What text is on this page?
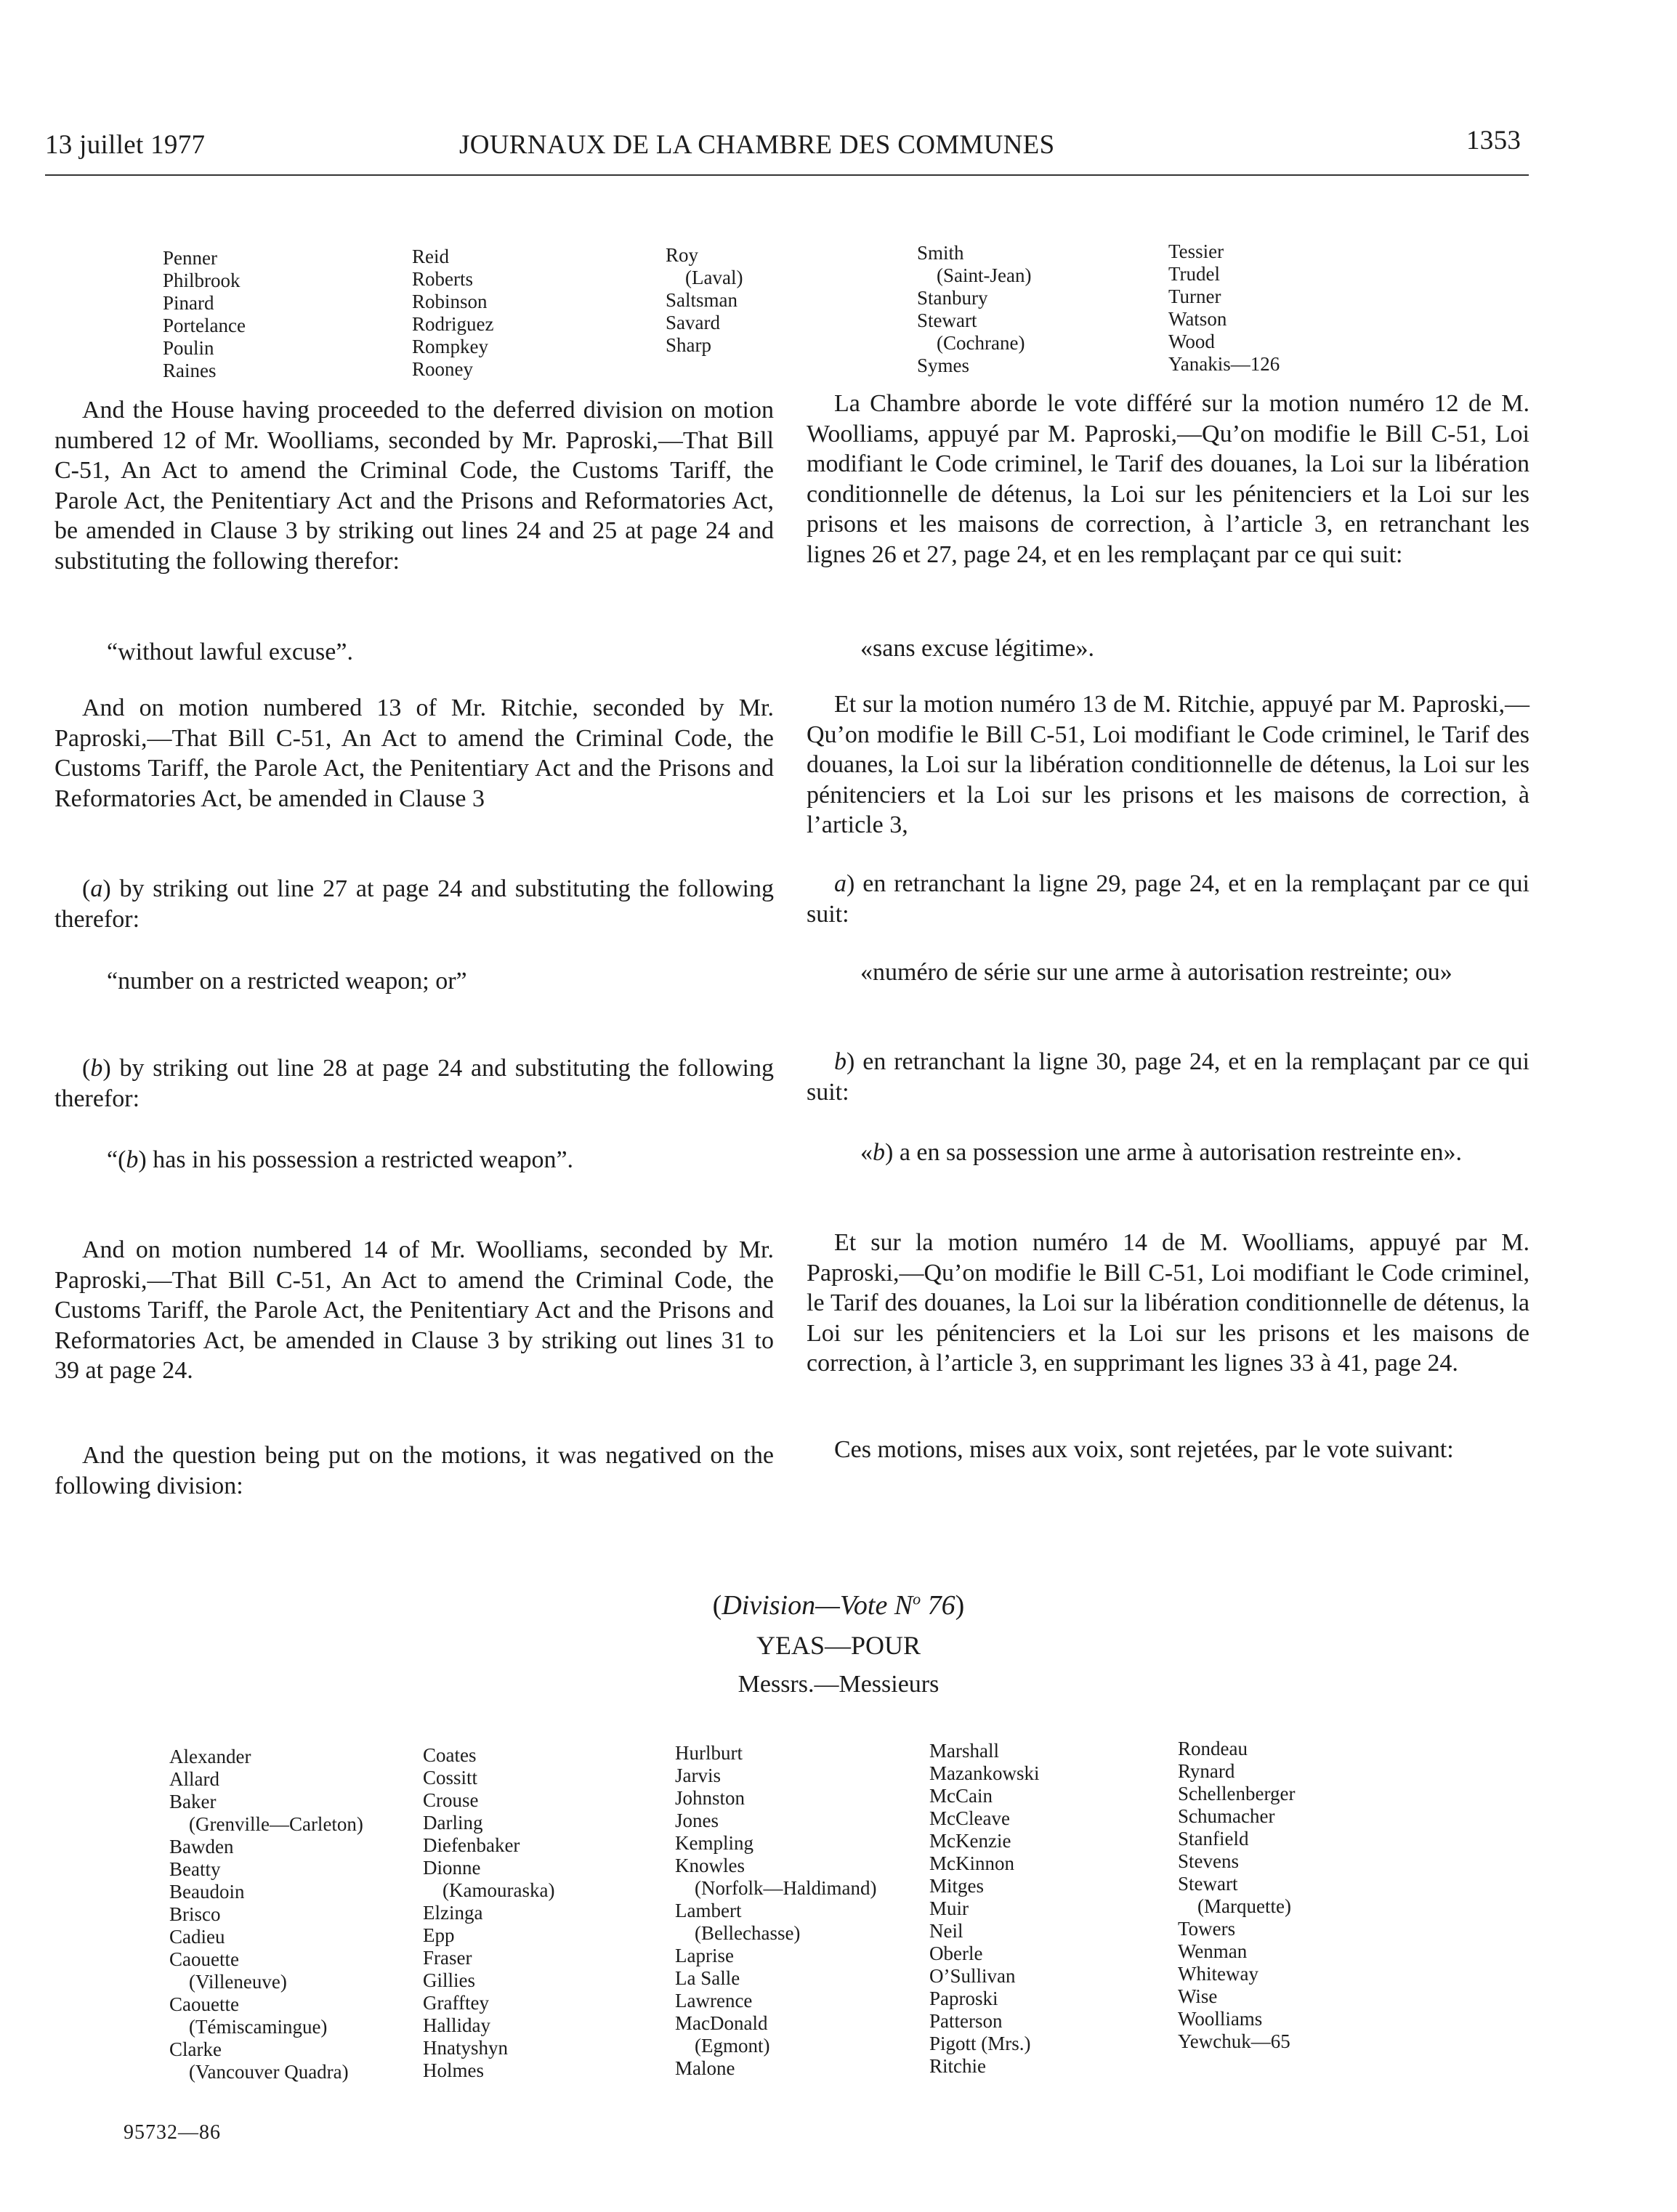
13 juillet 1977	JOURNAUX DE LA CHAMBRE DES COMMUNES	1353
Penner
Philbrook
Pinard
Portelance
Poulin
Raines
Reid
Roberts
Robinson
Rodriguez
Rompkey
Rooney
Roy
(Laval)
Saltsman
Savard
Sharp
Smith
(Saint-Jean)
Stanbury
Stewart
(Cochrane)
Symes
Tessier
Trudel
Turner
Watson
Wood
Yanakis—126
And the House having proceeded to the deferred division on motion numbered 12 of Mr. Woolliams, seconded by Mr. Paproski,—That Bill C-51, An Act to amend the Criminal Code, the Customs Tariff, the Parole Act, the Penitentiary Act and the Prisons and Reformatories Act, be amended in Clause 3 by striking out lines 24 and 25 at page 24 and substituting the following therefor:
“without lawful excuse”.
And on motion numbered 13 of Mr. Ritchie, seconded by Mr. Paproski,—That Bill C-51, An Act to amend the Criminal Code, the Customs Tariff, the Parole Act, the Penitentiary Act and the Prisons and Reformatories Act, be amended in Clause 3
(a) by striking out line 27 at page 24 and substituting the following therefor:
“number on a restricted weapon; or”
(b) by striking out line 28 at page 24 and substituting the following therefor:
“(b) has in his possession a restricted weapon”.
And on motion numbered 14 of Mr. Woolliams, seconded by Mr. Paproski,—That Bill C-51, An Act to amend the Criminal Code, the Customs Tariff, the Parole Act, the Penitentiary Act and the Prisons and Reformatories Act, be amended in Clause 3 by striking out lines 31 to 39 at page 24.
And the question being put on the motions, it was negatived on the following division:
La Chambre aborde le vote différé sur la motion numéro 12 de M. Woolliams, appuyé par M. Paproski,—Qu’on modifie le Bill C-51, Loi modifiant le Code criminel, le Tarif des douanes, la Loi sur la libération conditionnelle de détenus, la Loi sur les pénitenciers et la Loi sur les prisons et les maisons de correction, à l’article 3, en retranchant les lignes 26 et 27, page 24, et en les remplaçant par ce qui suit:
«sans excuse légitime».
Et sur la motion numéro 13 de M. Ritchie, appuyé par M. Paproski,—Qu’on modifie le Bill C-51, Loi modifiant le Code criminel, le Tarif des douanes, la Loi sur la libération conditionnelle de détenus, la Loi sur les pénitenciers et la Loi sur les prisons et les maisons de correction, à l’article 3,
a) en retranchant la ligne 29, page 24, et en la remplaçant par ce qui suit:
«numéro de série sur une arme à autorisation restreinte; ou»
b) en retranchant la ligne 30, page 24, et en la remplaçant par ce qui suit:
«b) a en sa possession une arme à autorisation restreinte en».
Et sur la motion numéro 14 de M. Woolliams, appuyé par M. Paproski,—Qu’on modifie le Bill C-51, Loi modifiant le Code criminel, le Tarif des douanes, la Loi sur la libération conditionnelle de détenus, la Loi sur les pénitenciers et la Loi sur les prisons et les maisons de correction, à l’article 3, en supprimant les lignes 33 à 41, page 24.
Ces motions, mises aux voix, sont rejetées, par le vote suivant:
(Division—Vote $N^o$ 76)
YEAS—POUR
Messrs.—Messieurs
Alexander
Allard
Baker
(Grenville—Carleton)
Bawden
Beatty
Beaudoin
Brisco
Cadieu
Caouette
(Villeneuve)
Caouette
(Témiscamingue)
Clarke
(Vancouver Quadra)
Coates
Cossitt
Crouse
Darling
Diefenbaker
Dionne
(Kamouraska)
Elzinga
Epp
Fraser
Gillies
Grafftey
Halliday
Hnatyshyn
Holmes
Hurlburt
Jarvis
Johnston
Jones
Kempling
Knowles
(Norfolk—Haldimand)
Lambert
(Bellechasse)
Laprise
La Salle
Lawrence
MacDonald
(Egmont)
Malone
Marshall
Mazankowski
McCain
McCleave
McKenzie
McKinnon
Mitges
Muir
Neil
Oberle
O’Sullivan
Paproski
Patterson
Pigott (Mrs.)
Ritchie
Rondeau
Rynard
Schellenberger
Schumacher
Stanfield
Stevens
Stewart
(Marquette)
Towers
Wenman
Whiteway
Wise
Woolliams
Yewchuk—65
95732—86
